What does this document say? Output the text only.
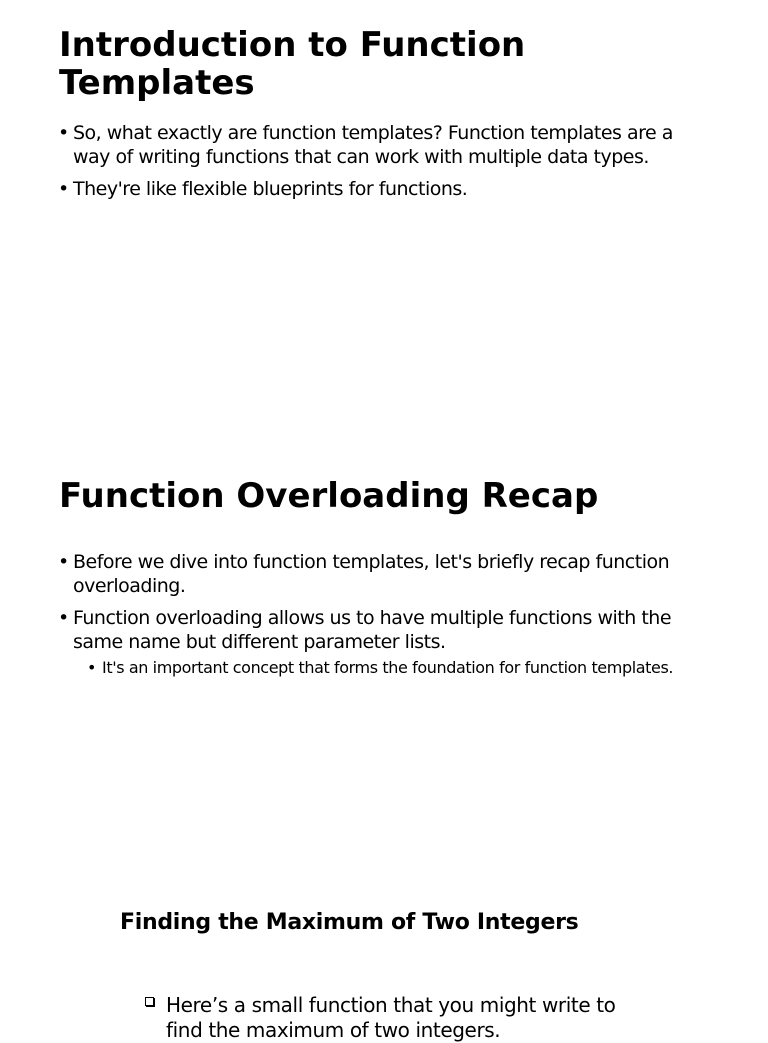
Introduction to Function Templates
• So, what exactly are function templates? Function templates are a way of writing functions that can work with multiple data types.
• They're like flexible blueprints for functions.
Function Overloading Recap
• Before we dive into function templates, let's briefly recap function overloading.
• Function overloading allows us to have multiple functions with the same name but different parameter lists.
• It's an important concept that forms the foundation for function templates.
Finding the Maximum of Two Integers
Here’s a small function that you might write to find the maximum of two integers.
